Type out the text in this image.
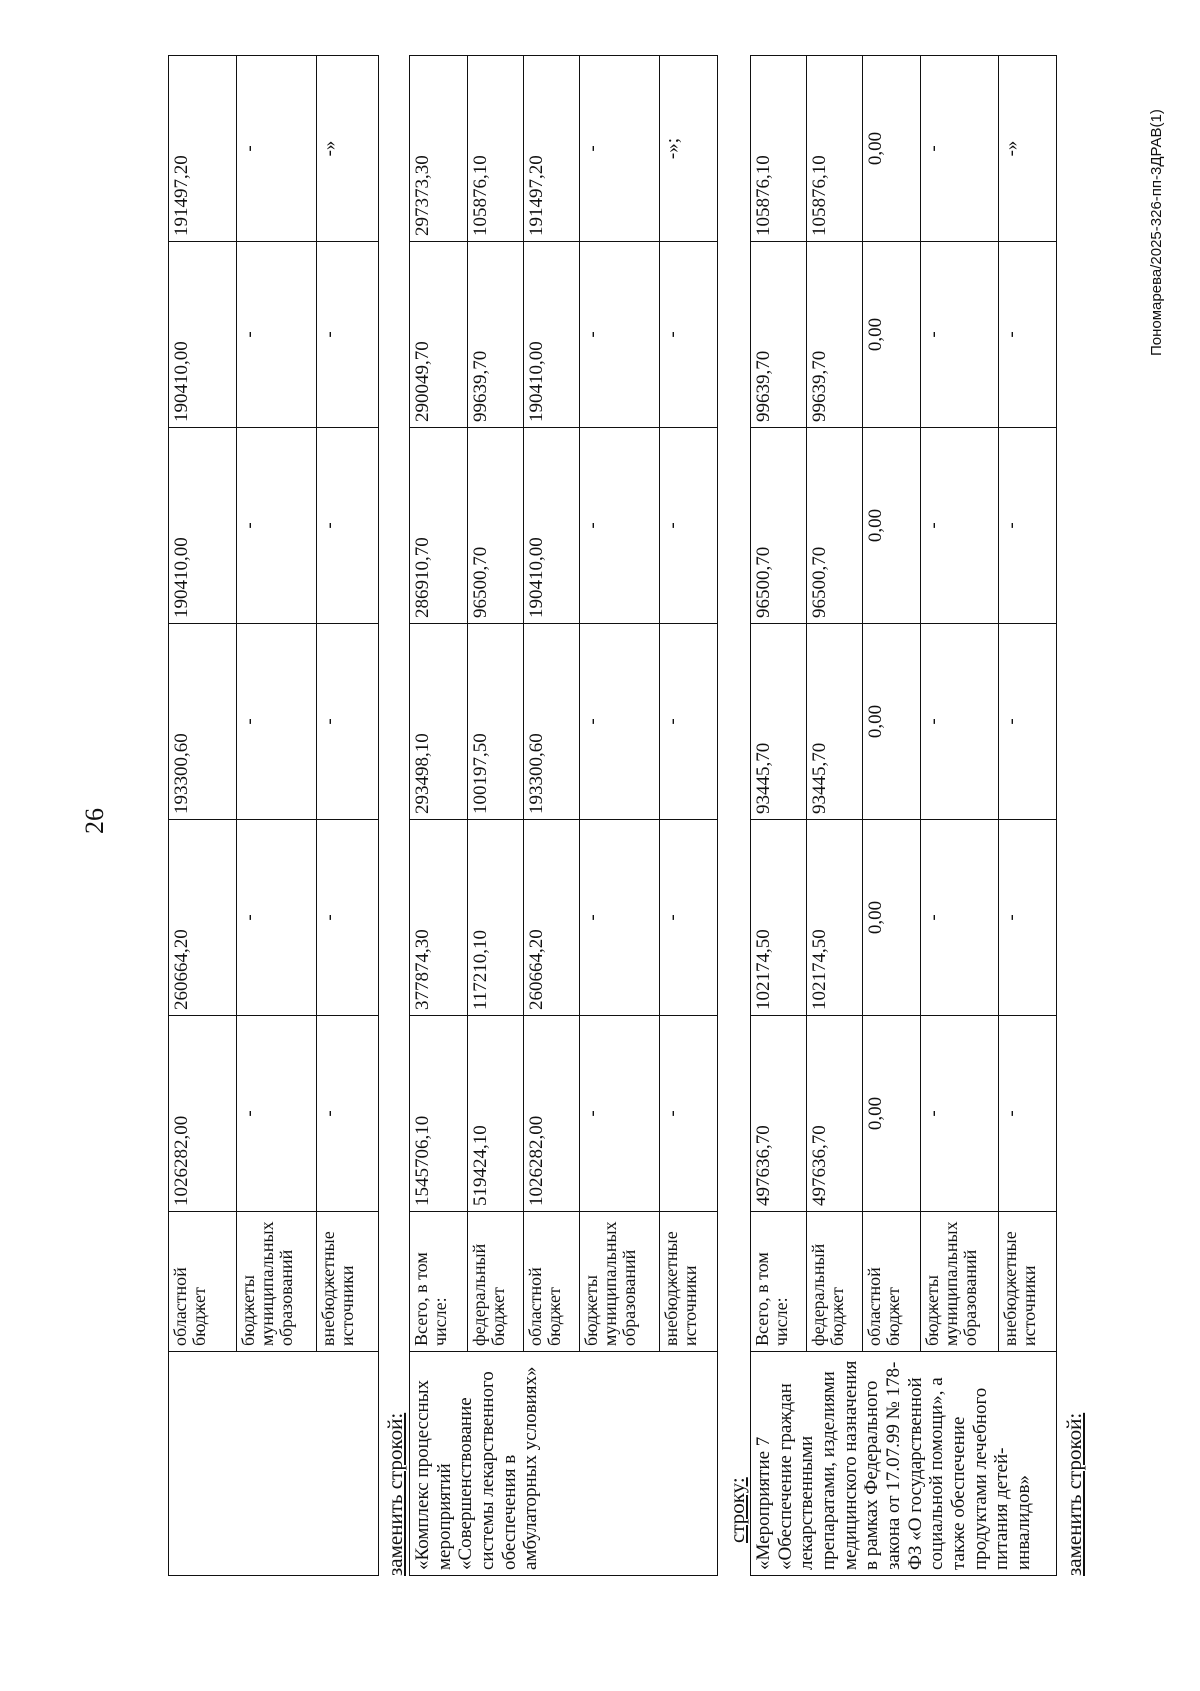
26
	областной бюджет	1026282,00	260664,20	193300,60	190410,00	190410,00	191497,20
	бюджеты муниципальных образований	-	-	-	-	-	-
	внебюджетные источники	-	-	-	-	-	-»
заменить строкой: «Комплекс процессных мероприятий «Совершенствование системы лекарственного обеспечения в амбулаторных условиях»	Всего, в том числе:	1545706,10	377874,30	293498,10	286910,70	290049,70	297373,30
	федеральный бюджет	519424,10	117210,10	100197,50	96500,70	99639,70	105876,10
	областной бюджет	1026282,00	260664,20	193300,60	190410,00	190410,00	191497,20
	бюджеты муниципальных образований	-	-	-	-	-	-
	внебюджетные источники	-	-	-	-	-	-»;
строку: «Мероприятие 7 «Обеспечение граждан лекарственными препаратами, изделиями медицинского назначения в рамках Федерального закона от 17.07.99 № 178-ФЗ «О государственной социальной помощи», а также обеспечение продуктами лечебного питания детей-инвалидов»	Всего, в том числе:	497636,70	102174,50	93445,70	96500,70	99639,70	105876,10
	федеральный бюджет	497636,70	102174,50	93445,70	96500,70	99639,70	105876,10
	областной бюджет	0,00	0,00	0,00	0,00	0,00	0,00
	бюджеты муниципальных образований	-	-	-	-	-	-
	внебюджетные источники	-	-	-	-	-	-»
заменить строкой:
Пономарева/2025-326-пп-3ДРАВ(1)
